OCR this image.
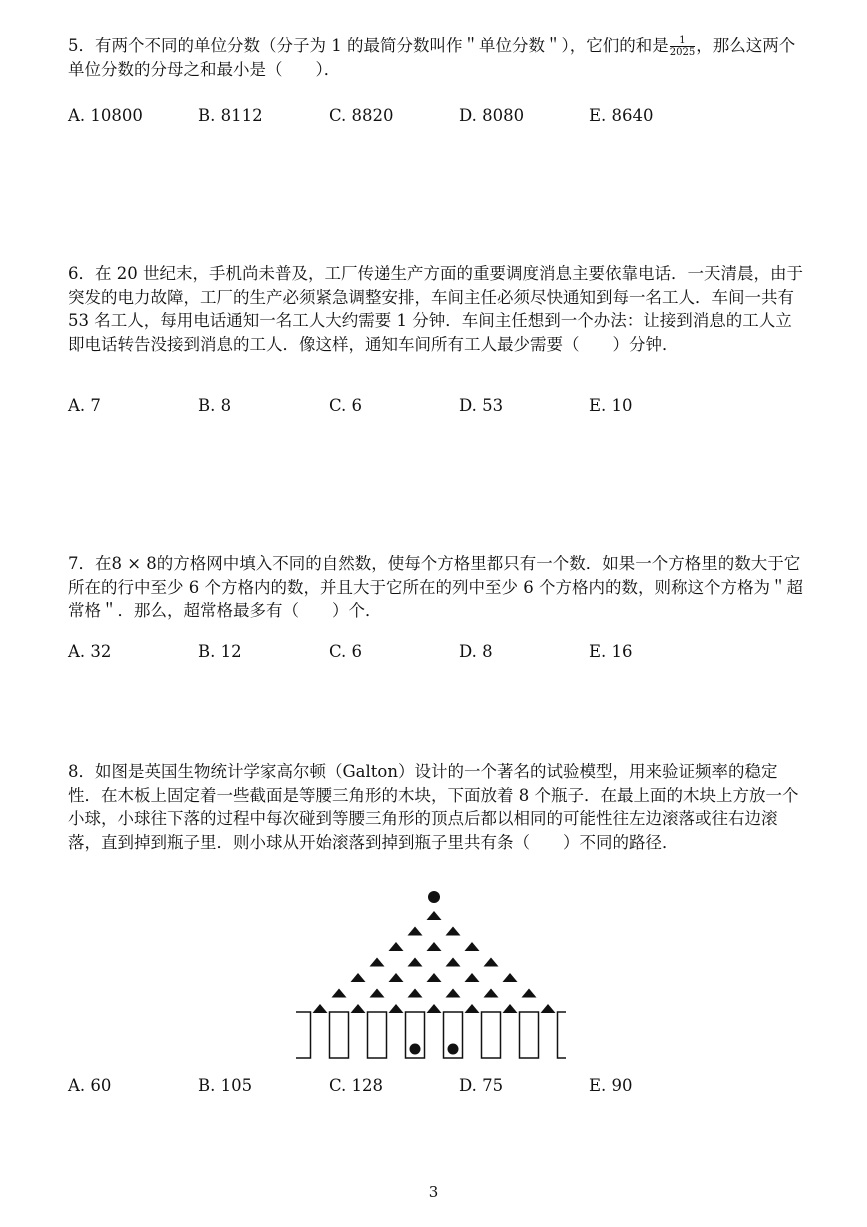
5．有两个不同的单位分数（分子为 1 的最简分数叫作＂单位分数＂），它们的和是 $\frac{1}{2025}$ ，那么这两个单位分数的分母之和最小是（　　）．

A. 10800	B. 8112	C. 8820	D. 8080	E. 8640

6．在 20 世纪末，手机尚未普及，工厂传递生产方面的重要调度消息主要依靠电话．一天清晨，由于突发的电力故障，工厂的生产必须紧急调整安排，车间主任必须尽快通知到每一名工人．车间一共有 53 名工人，每用电话通知一名工人大约需要 1 分钟．车间主任想到一个办法：让接到消息的工人立即电话转告没接到消息的工人．像这样，通知车间所有工人最少需要（　　）分钟．

A. 7	B. 8	C. 6	D. 53	E. 10

7．在8 × 8的方格网中填入不同的自然数，使每个方格里都只有一个数．如果一个方格里的数大于它所在的行中至少 6 个方格内的数，并且大于它所在的列中至少 6 个方格内的数，则称这个方格为＂超常格＂．那么，超常格最多有（　　）个．

A. 32	B. 12	C. 6	D. 8	E. 16

8．如图是英国生物统计学家高尔顿（Galton）设计的一个著名的试验模型，用来验证频率的稳定性．在木板上固定着一些截面是等腰三角形的木块，下面放着 8 个瓶子．在最上面的木块上方放一个小球，小球往下落的过程中每次碰到等腰三角形的顶点后都以相同的可能性往左边滚落或往右边滚落，直到掉到瓶子里．则小球从开始滚落到掉到瓶子里共有条（　　）不同的路径．

A. 60	B. 105	C. 128	D. 75	E. 90
3
